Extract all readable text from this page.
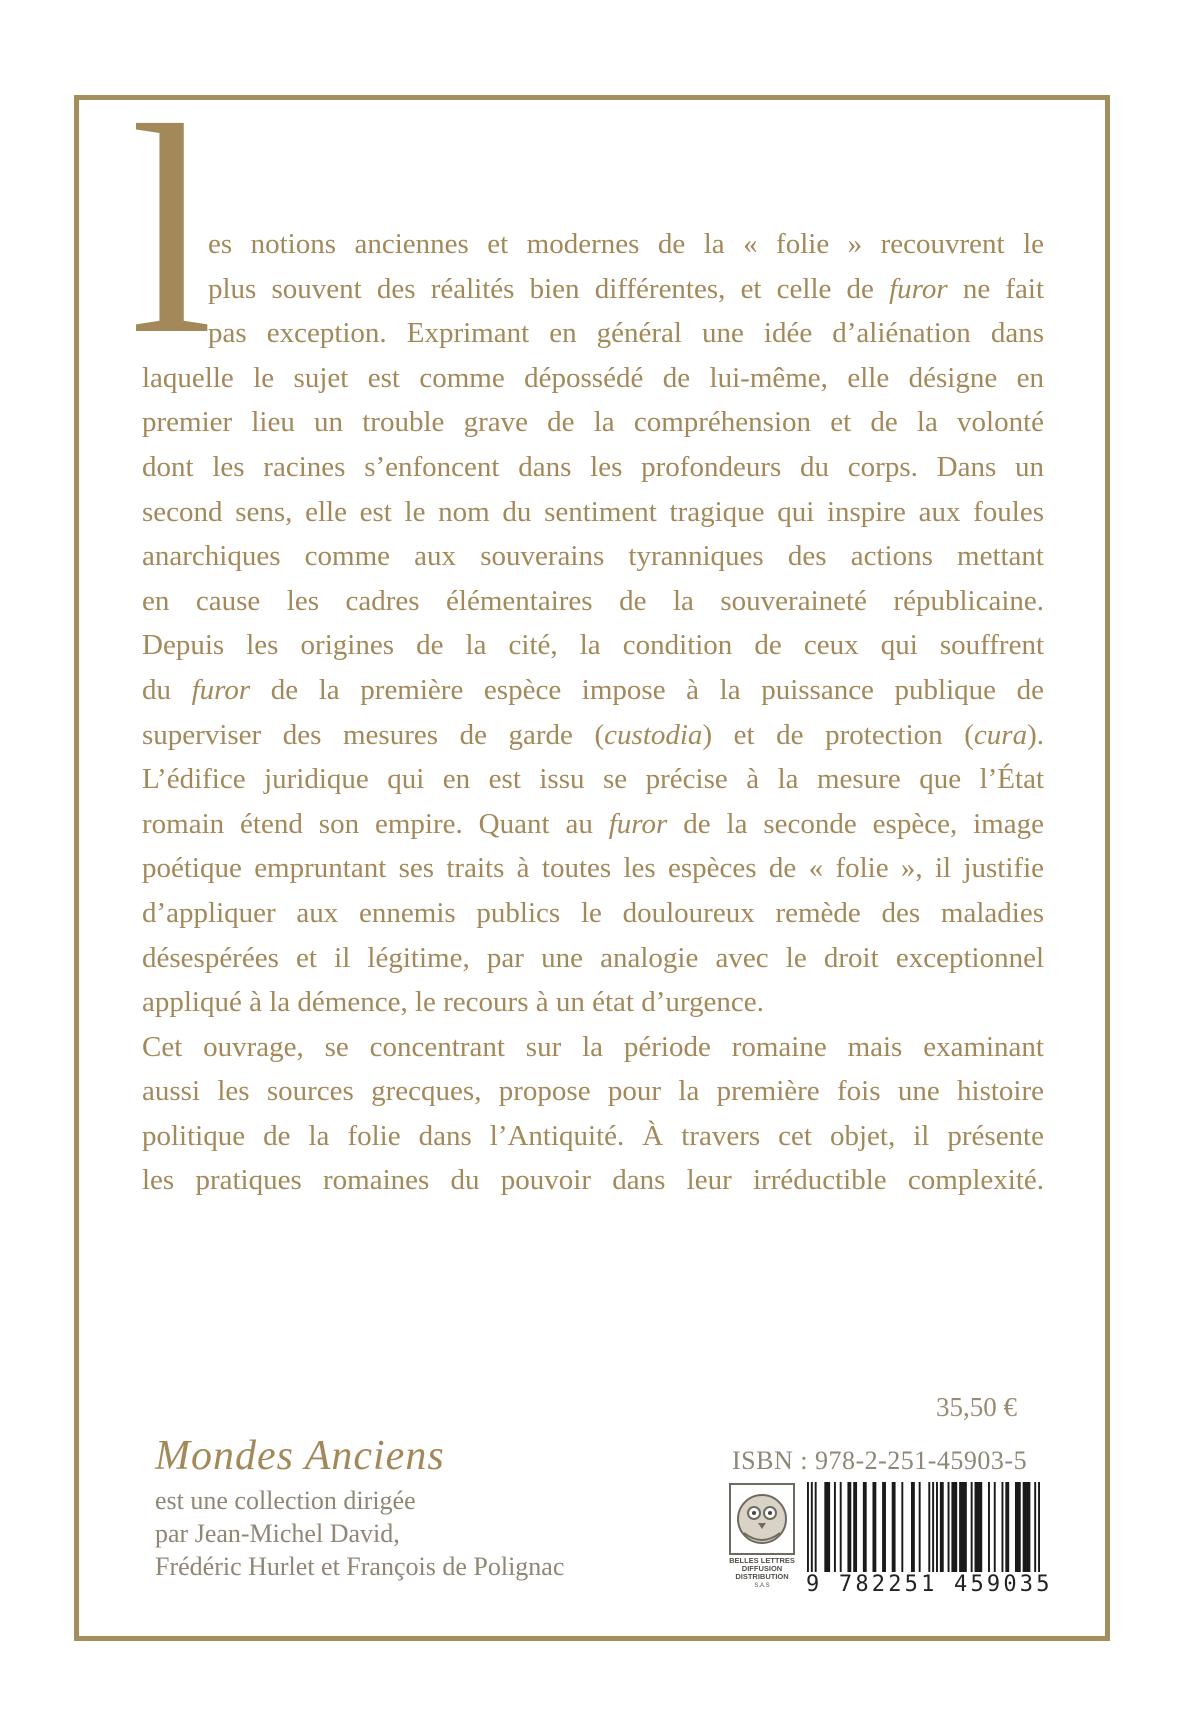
l
es notions anciennes et modernes de la « folie » recouvrent le
plus souvent des réalités bien différentes, et celle de furor ne fait
pas exception. Exprimant en général une idée d’aliénation dans
laquelle le sujet est comme dépossédé de lui-même, elle désigne en
premier lieu un trouble grave de la compréhension et de la volonté
dont les racines s’enfoncent dans les profondeurs du corps. Dans un
second sens, elle est le nom du sentiment tragique qui inspire aux foules
anarchiques comme aux souverains tyranniques des actions mettant
en cause les cadres élémentaires de la souveraineté républicaine.
Depuis les origines de la cité, la condition de ceux qui souffrent
du furor de la première espèce impose à la puissance publique de
superviser des mesures de garde (custodia) et de protection (cura).
L’édifice juridique qui en est issu se précise à la mesure que l’État
romain étend son empire. Quant au furor de la seconde espèce, image
poétique empruntant ses traits à toutes les espèces de « folie », il justifie
d’appliquer aux ennemis publics le douloureux remède des maladies
désespérées et il légitime, par une analogie avec le droit exceptionnel
appliqué à la démence, le recours à un état d’urgence.
Cet ouvrage, se concentrant sur la période romaine mais examinant
aussi les sources grecques, propose pour la première fois une histoire
politique de la folie dans l’Antiquité. À travers cet objet, il présente
les pratiques romaines du pouvoir dans leur irréductible complexité.
35,50 €
Mondes Anciens
est une collection dirigée
par Jean-Michel David,
Frédéric Hurlet et François de Polignac
ISBN : 978-2-251-45903-5
BELLES LETTRES
DIFFUSION
DISTRIBUTION
S.A.S 9 782251 459035
